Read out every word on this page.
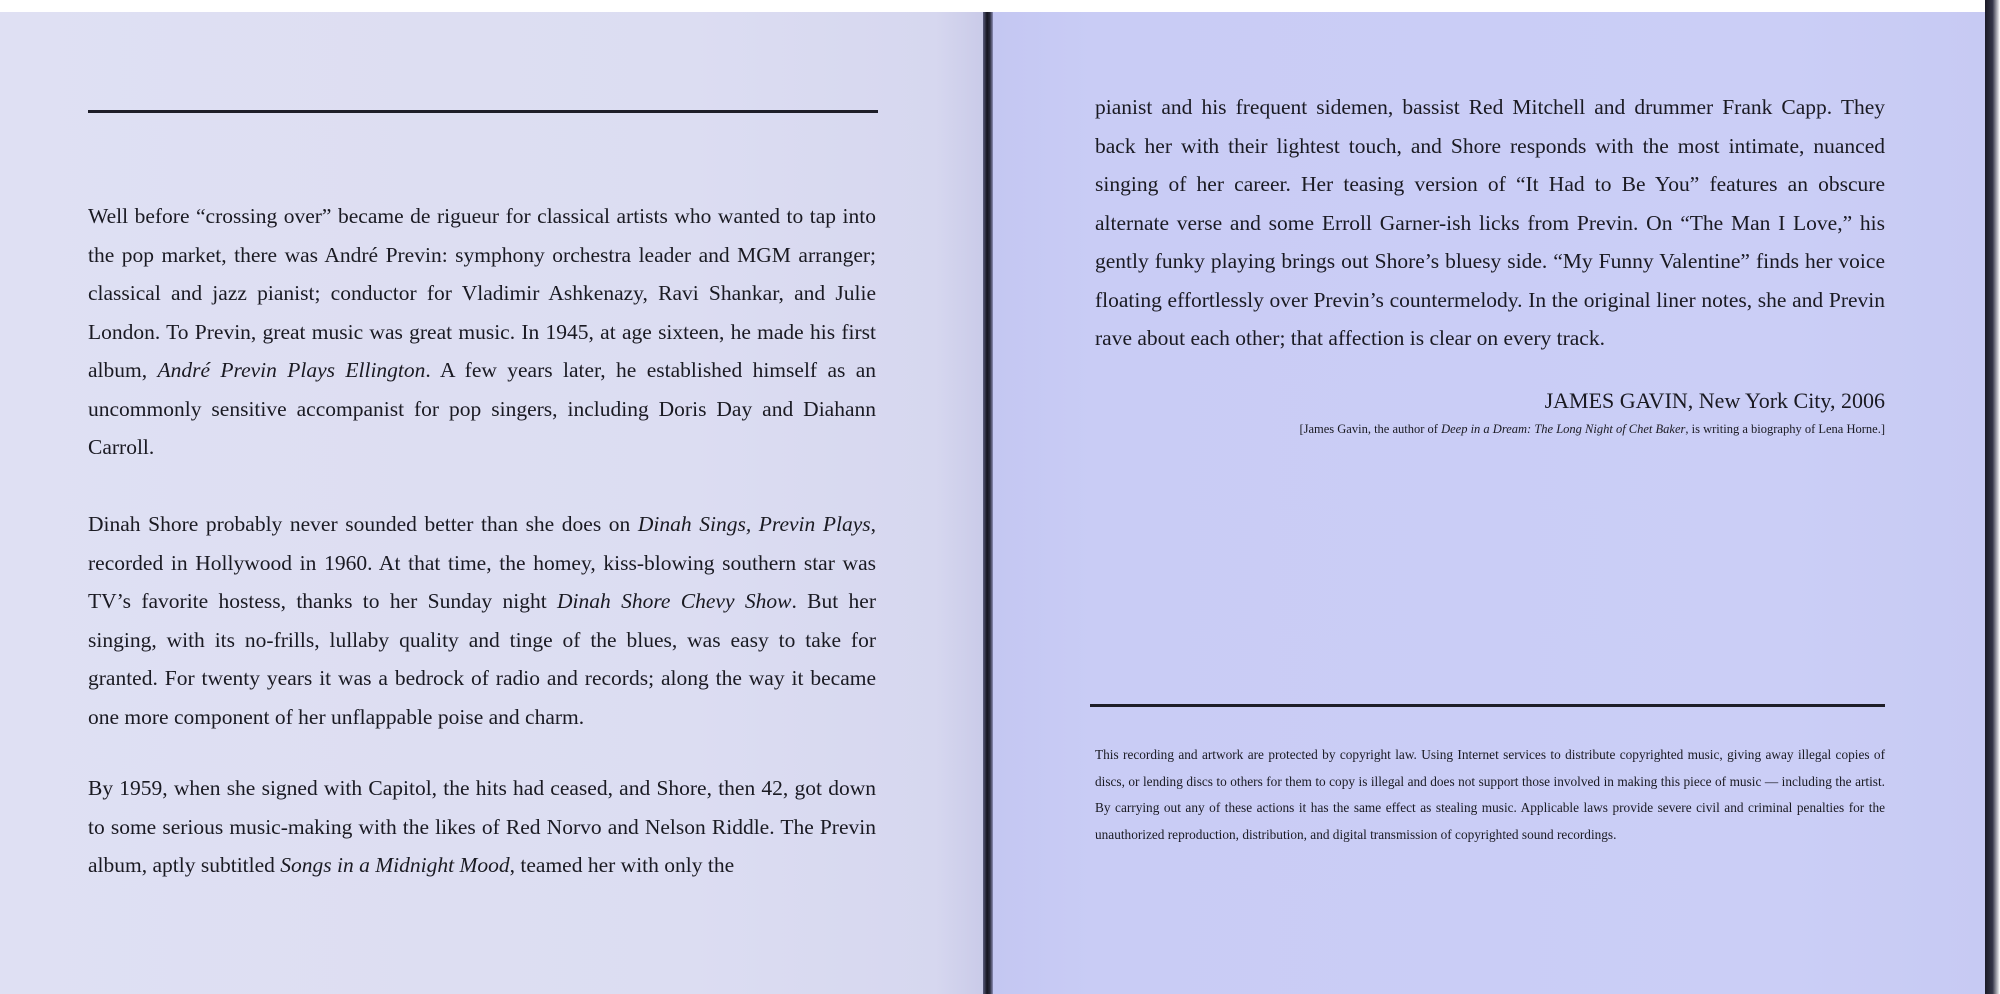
Well before “crossing over” became de rigueur for classical artists who wanted to tap into the pop market, there was André Previn: symphony orchestra leader and MGM arranger; classical and jazz pianist; conductor for Vladimir Ashkenazy, Ravi Shankar, and Julie London. To Previn, great music was great music. In 1945, at age sixteen, he made his first album, André Previn Plays Ellington. A few years later, he established himself as an uncommonly sensitive accompanist for pop singers, including Doris Day and Diahann Carroll.

Dinah Shore probably never sounded better than she does on Dinah Sings, Previn Plays, recorded in Hollywood in 1960. At that time, the homey, kiss-blowing southern star was TV’s favorite hostess, thanks to her Sunday night Dinah Shore Chevy Show. But her singing, with its no-frills, lullaby quality and tinge of the blues, was easy to take for granted. For twenty years it was a bedrock of radio and records; along the way it became one more component of her unflappable poise and charm.

By 1959, when she signed with Capitol, the hits had ceased, and Shore, then 42, got down to some serious music-making with the likes of Red Norvo and Nelson Riddle. The Previn album, aptly subtitled Songs in a Midnight Mood, teamed her with only the

pianist and his frequent sidemen, bassist Red Mitchell and drummer Frank Capp. They back her with their lightest touch, and Shore responds with the most intimate, nuanced singing of her career. Her teasing version of “It Had to Be You” features an obscure alternate verse and some Erroll Garner-ish licks from Previn. On “The Man I Love,” his gently funky playing brings out Shore’s bluesy side. “My Funny Valentine” finds her voice floating effortlessly over Previn’s countermelody. In the original liner notes, she and Previn rave about each other; that affection is clear on every track.

JAMES GAVIN, New York City, 2006

[James Gavin, the author of Deep in a Dream: The Long Night of Chet Baker, is writing a biography of Lena Horne.]

This recording and artwork are protected by copyright law. Using Internet services to distribute copyrighted music, giving away illegal copies of discs, or lending discs to others for them to copy is illegal and does not support those involved in making this piece of music — including the artist. By carrying out any of these actions it has the same effect as stealing music. Applicable laws provide severe civil and criminal penalties for the unauthorized reproduction, distribution, and digital transmission of copyrighted sound recordings.
